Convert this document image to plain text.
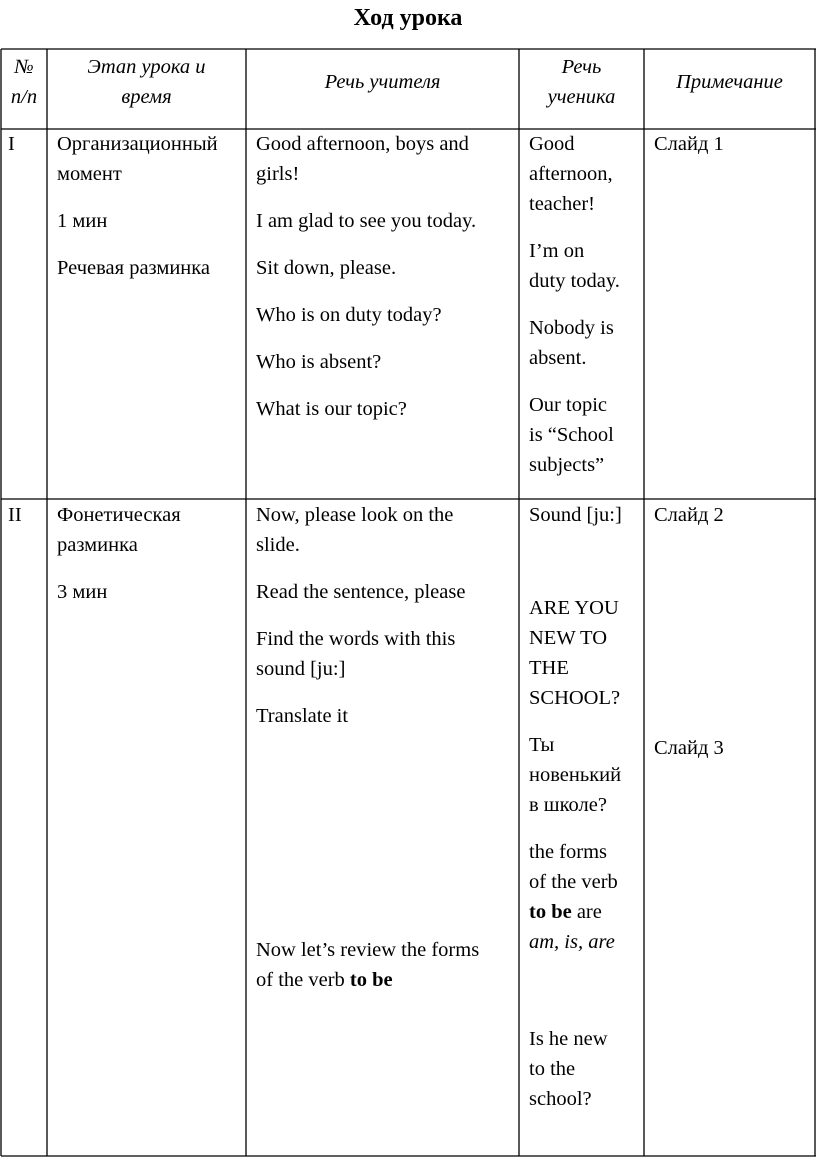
Ход урока

№

п/п

Этап урока и

время

Речь учителя

Речь

ученика

Примечание
I Организационный

момент

1 мин

Речевая разминка

Good afternoon, boys and

girls!

I am glad to see you today.

Sit down, please.

Who is on duty today?

Who is absent?

What is our topic?

Good

afternoon,

teacher!

I’m on

duty today.

Nobody is

absent.

Our topic

is “School

subjects”

Слайд 1
II Фонетическая

разминка

3 мин

Now, please look on the

slide.

Read the sentence, please

Find the words with this

sound [ju:]

Translate it

Now let’s review the forms

of the verb to be

Sound [ju:]

ARE YOU

NEW TO

THE

SCHOOL?

Ты

новенький

в школе?

the forms

of the verb

to be are

am, is, are

Is he new

to the

school?

Слайд 2
Слайд 3
